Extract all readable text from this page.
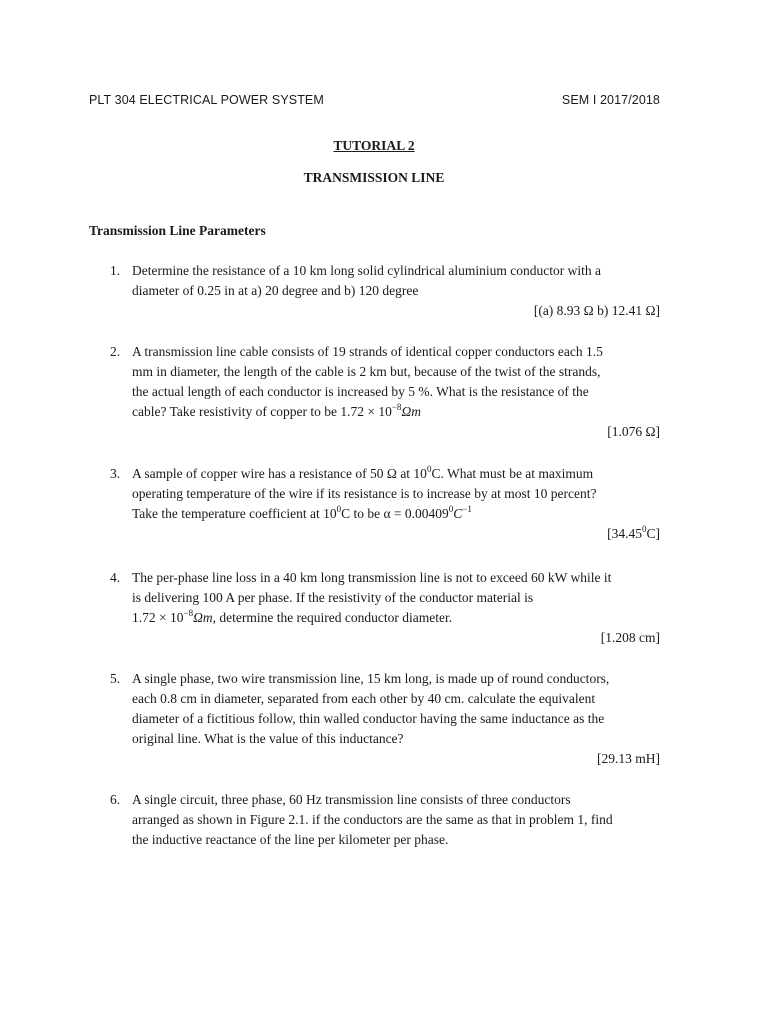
PLT 304 ELECTRICAL POWER SYSTEM	SEM I 2017/2018
TUTORIAL 2
TRANSMISSION LINE
Transmission Line Parameters
1. Determine the resistance of a 10 km long solid cylindrical aluminium conductor with a
diameter of 0.25 in at a) 20 degree and b) 120 degree
[(a) 8.93 Ω b) 12.41 Ω]
2. A transmission line cable consists of 19 strands of identical copper conductors each 1.5
mm in diameter, the length of the cable is 2 km but, because of the twist of the strands,
the actual length of each conductor is increased by 5 %. What is the resistance of the
cable? Take resistivity of copper to be $1.72 \times 10^{-8}\Omega m$
[1.076 Ω]
3. A sample of copper wire has a resistance of 50 Ω at $10^0C$. What must be at maximum
operating temperature of the wire if its resistance is to increase by at most 10 percent?
Take the temperature coefficient at $10^0C$ to be $\alpha = 0.00409^0C^{-1}$
[34.45$^0$C]
4. The per-phase line loss in a 40 km long transmission line is not to exceed 60 kW while it
is delivering 100 A per phase. If the resistivity of the conductor material is
$1.72 \times 10^{-8}\Omega m$, determine the required conductor diameter.
[1.208 cm]
5. A single phase, two wire transmission line, 15 km long, is made up of round conductors,
each 0.8 cm in diameter, separated from each other by 40 cm. calculate the equivalent
diameter of a fictitious follow, thin walled conductor having the same inductance as the
original line. What is the value of this inductance?
[29.13 mH]
6. A single circuit, three phase, 60 Hz transmission line consists of three conductors
arranged as shown in Figure 2.1. if the conductors are the same as that in problem 1, find
the inductive reactance of the line per kilometer per phase.
